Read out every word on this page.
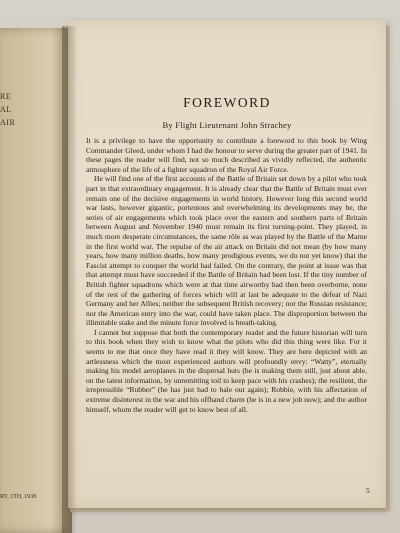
RE
AL
AIR
RY, 1TH, 1938
FOREWORD
By Flight Lieutenant John Strachey

It is a privilege to have the opportunity to contribute a foreword to this book by Wing Commander Gleed, under whom I had the honour to serve during the greater part of 1941. In these pages the reader will find, not so much described as vividly reflected, the authentic atmosphere of the life of a fighter squadron of the Royal Air Force.

He will find one of the first accounts of the Battle of Britain set down by a pilot who took part in that extraordinary engagement. It is already clear that the Battle of Britain must ever remain one of the decisive engagements in world history. However long this second world war lasts, however gigantic, portentous and overwhelming its developments may be, the series of air engagements which took place over the eastern and southern parts of Britain between August and November 1940 must remain its first turning-point. They played, in much more desperate circumstances, the same rôle as was played by the Battle of the Marne in the first world war. The repulse of the air attack on Britain did not mean (by how many years, how many million deaths, how many prodigious events, we do not yet know) that the Fascist attempt to conquer the world had failed. On the contrary, the point at issue was that that attempt must have succeeded if the Battle of Britain had been lost. If the tiny number of British fighter squadrons which were at that time airworthy had then been overborne, none of the rest of the gathering of forces which will at last be adequate to the defeat of Nazi Germany and her Allies; neither the subsequent British recovery; nor the Russian resistance; nor the American entry into the war, could have taken place. The disproportion between the illimitable stake and the minute force involved is breath-taking.

I cannot but suppose that both the contemporary reader and the future historian will turn to this book when they wish to know what the pilots who did this thing were like. For it seems to me that once they have read it they will know. They are here depicted with an artlessness which the most experienced authors will profoundly envy: “Watty”, eternally making his model aeroplanes in the dispersal huts (he is making them still, just about able, on the latest information, by unremitting toil to keep pace with his crashes); the resilient, the irrepressible “Rubber” (he has just had to bale out again); Robbie, with his affectation of extreme disinterest in the war and his offhand charm (he is in a new job now); and the author himself, whom the reader will get to know best of all.

5
